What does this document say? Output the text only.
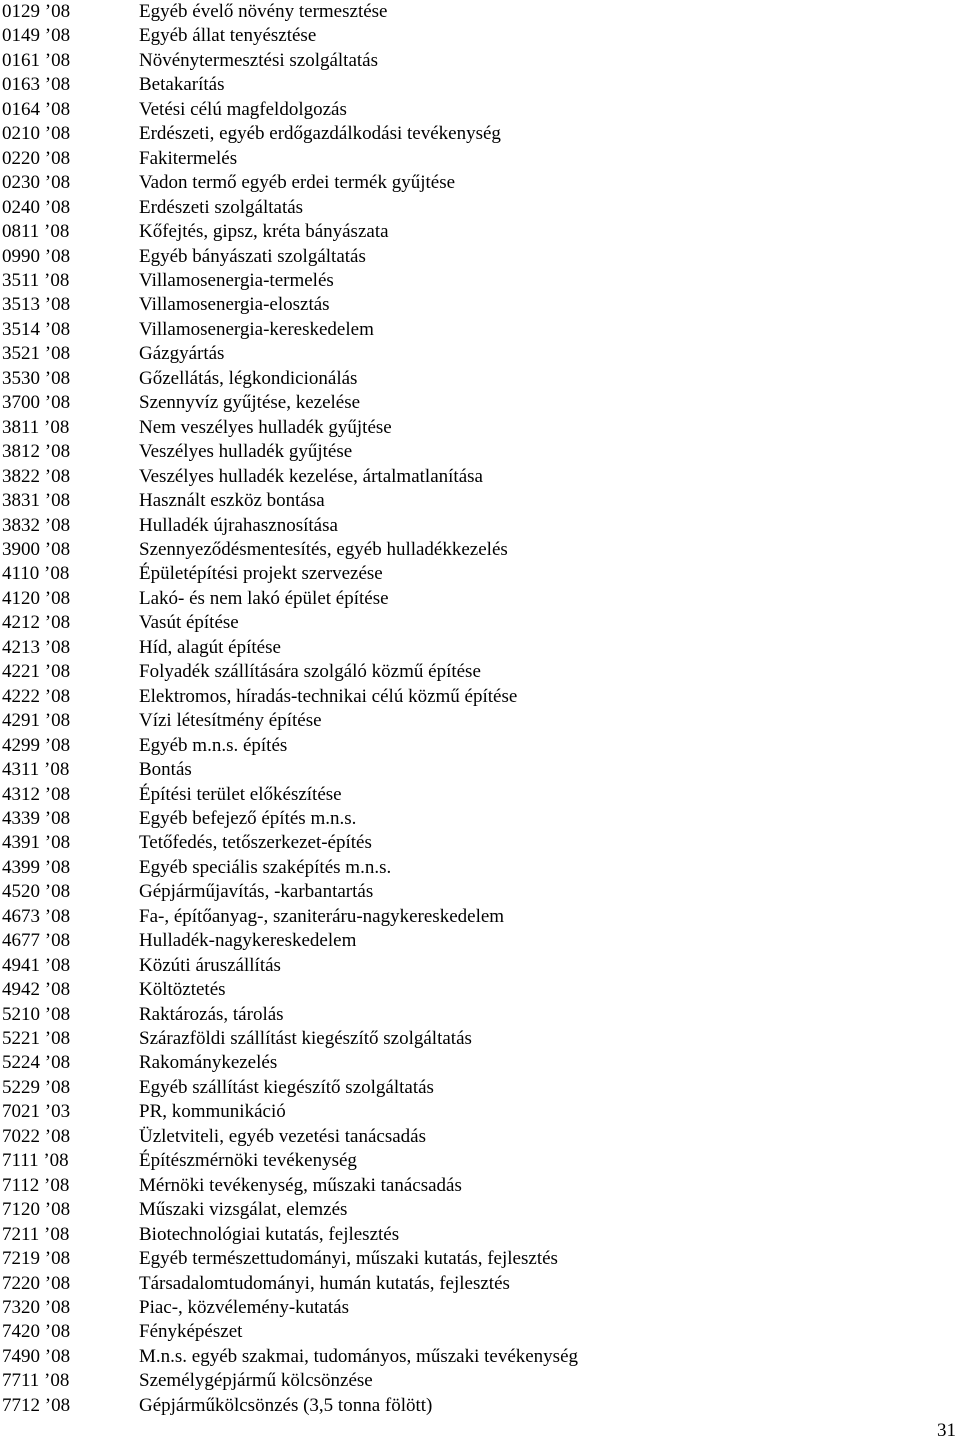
0129 ’08	Egyéb évelő növény termesztése
0149 ’08	Egyéb állat tenyésztése
0161 ’08	Növénytermesztési szolgáltatás
0163 ’08	Betakarítás
0164 ’08	Vetési célú magfeldolgozás
0210 ’08	Erdészeti, egyéb erdőgazdálkodási tevékenység
0220 ’08	Fakitermelés
0230 ’08	Vadon termő egyéb erdei termék gyűjtése
0240 ’08	Erdészeti szolgáltatás
0811 ’08	Kőfejtés, gipsz, kréta bányászata
0990 ’08	Egyéb bányászati szolgáltatás
3511 ’08	Villamosenergia-termelés
3513 ’08	Villamosenergia-elosztás
3514 ’08	Villamosenergia-kereskedelem
3521 ’08	Gázgyártás
3530 ’08	Gőzellátás, légkondicionálás
3700 ’08	Szennyvíz gyűjtése, kezelése
3811 ’08	Nem veszélyes hulladék gyűjtése
3812 ’08	Veszélyes hulladék gyűjtése
3822 ’08	Veszélyes hulladék kezelése, ártalmatlanítása
3831 ’08	Használt eszköz bontása
3832 ’08	Hulladék újrahasznosítása
3900 ’08	Szennyeződésmentesítés, egyéb hulladékkezelés
4110 ’08	Épületépítési projekt szervezése
4120 ’08	Lakó- és nem lakó épület építése
4212 ’08	Vasút építése
4213 ’08	Híd, alagút építése
4221 ’08	Folyadék szállítására szolgáló közmű építése
4222 ’08	Elektromos, híradás-technikai célú közmű építése
4291 ’08	Vízi létesítmény építése
4299 ’08	Egyéb m.n.s. építés
4311 ’08	Bontás
4312 ’08	Építési terület előkészítése
4339 ’08	Egyéb befejező építés m.n.s.
4391 ’08	Tetőfedés, tetőszerkezet-építés
4399 ’08	Egyéb speciális szaképítés m.n.s.
4520 ’08	Gépjárműjavítás, -karbantartás
4673 ’08	Fa-, építőanyag-, szaniteráru-nagykereskedelem
4677 ’08	Hulladék-nagykereskedelem
4941 ’08	Közúti áruszállítás
4942 ’08	Költöztetés
5210 ’08	Raktározás, tárolás
5221 ’08	Szárazföldi szállítást kiegészítő szolgáltatás
5224 ’08	Rakománykezelés
5229 ’08	Egyéb szállítást kiegészítő szolgáltatás
7021 ’03	PR, kommunikáció
7022 ’08	Üzletviteli, egyéb vezetési tanácsadás
7111 ’08	Építészmérnöki tevékenység
7112 ’08	Mérnöki tevékenység, műszaki tanácsadás
7120 ’08	Műszaki vizsgálat, elemzés
7211 ’08	Biotechnológiai kutatás, fejlesztés
7219 ’08	Egyéb természettudományi, műszaki kutatás, fejlesztés
7220 ’08	Társadalomtudományi, humán kutatás, fejlesztés
7320 ’08	Piac-, közvélemény-kutatás
7420 ’08	Fényképészet
7490 ’08	M.n.s. egyéb szakmai, tudományos, műszaki tevékenység
7711 ’08	Személygépjármű kölcsönzése
7712 ’08	Gépjárműkölcsönzés (3,5 tonna fölött)
31
